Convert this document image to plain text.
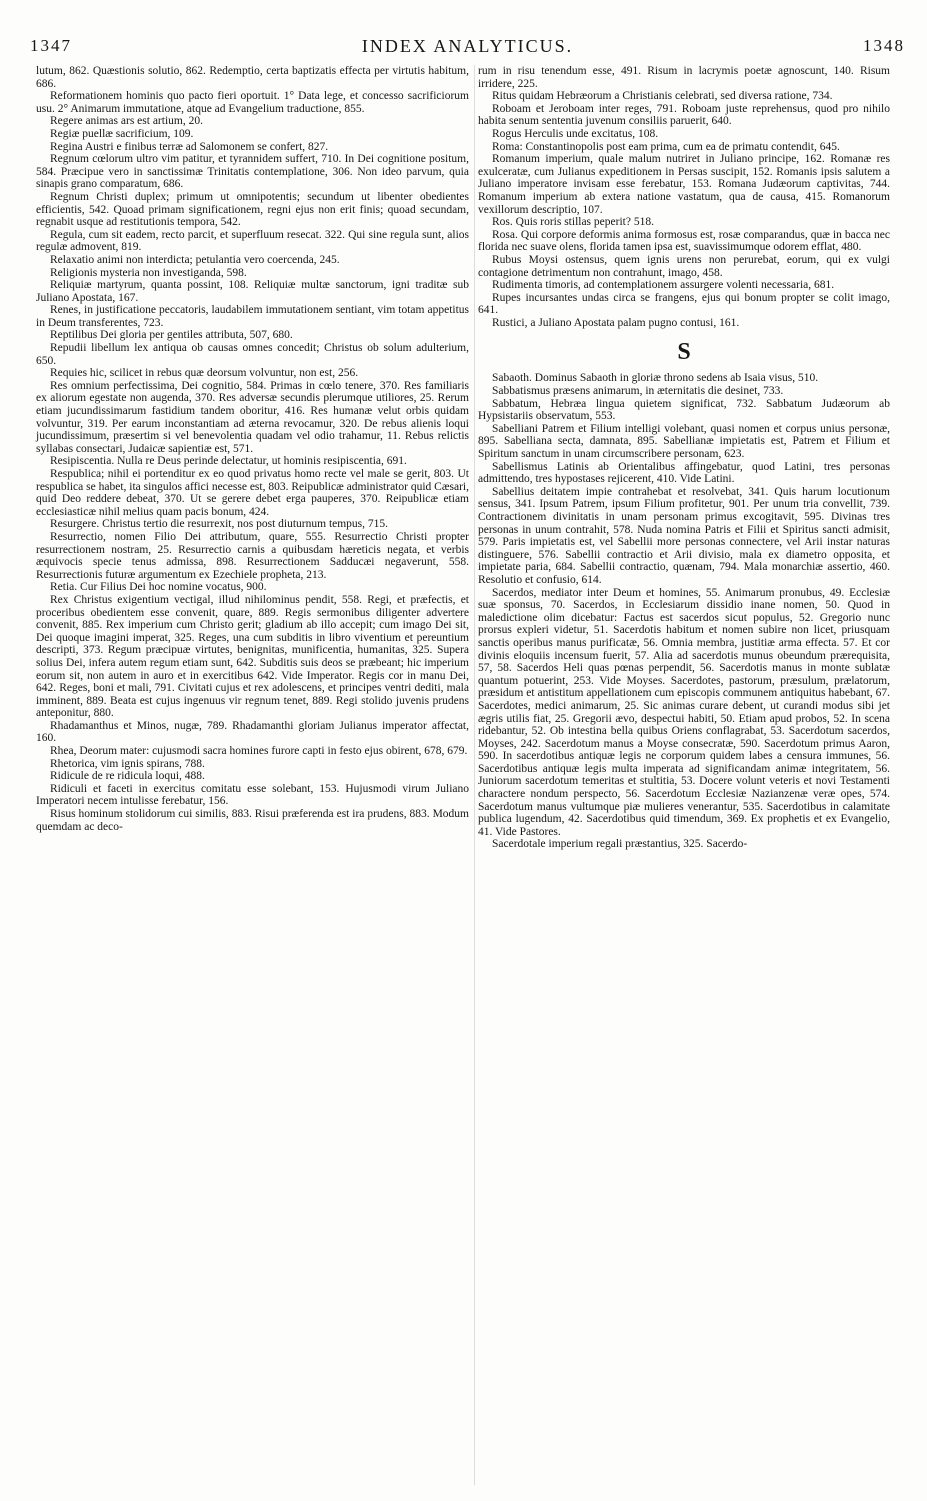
1347	INDEX ANALYTICUS.	1348

lutum, 862. Quæstionis solutio, 862. Redemptio, certa baptizatis effecta per virtutis habitum, 686.

Reformationem hominis quo pacto fieri oportuit. 1° Data lege, et concesso sacrificiorum usu. 2° Animarum immutatione, atque ad Evangelium traductione, 855.

Regere animas ars est artium, 20.

Regiæ puellæ sacrificium, 109.

Regina Austri e finibus terræ ad Salomonem se confert, 827.

Regnum cœlorum ultro vim patitur, et tyrannidem suffert, 710. In Dei cognitione positum, 584. Præcipue vero in sanctissimæ Trinitatis contemplatione, 306. Non ideo parvum, quia sinapis grano comparatum, 686.

Regnum Christi duplex; primum ut omnipotentis; secundum ut libenter obedientes efficientis, 542. Quoad primam significationem, regni ejus non erit finis; quoad secundam, regnabit usque ad restitutionis tempora, 542.

Regula, cum sit eadem, recto parcit, et superfluum resecat. 322. Qui sine regula sunt, alios regulæ admovent, 819.

Relaxatio animi non interdicta; petulantia vero coercenda, 245.

Religionis mysteria non investiganda, 598.

Reliquiæ martyrum, quanta possint, 108. Reliquiæ multæ sanctorum, igni traditæ sub Juliano Apostata, 167.

Renes, in justificatione peccatoris, laudabilem immutationem sentiant, vim totam appetitus in Deum transferentes, 723.

Reptilibus Dei gloria per gentiles attributa, 507, 680.

Repudii libellum lex antiqua ob causas omnes concedit; Christus ob solum adulterium, 650.

Requies hic, scilicet in rebus quæ deorsum volvuntur, non est, 256.

Res omnium perfectissima, Dei cognitio, 584. Primas in cœlo tenere, 370. Res familiaris ex aliorum egestate non augenda, 370. Res adversæ secundis plerumque utiliores, 25. Rerum etiam jucundissimarum fastidium tandem oboritur, 416. Res humanæ velut orbis quidam volvuntur, 319. Per earum inconstantiam ad æterna revocamur, 320. De rebus alienis loqui jucundissimum, præsertim si vel benevolentia quadam vel odio trahamur, 11. Rebus relictis syllabas consectari, Judaicæ sapientiæ est, 571.

Resipiscentia. Nulla re Deus perinde delectatur, ut hominis resipiscentia, 691.

Respublica; nihil ei portenditur ex eo quod privatus homo recte vel male se gerit, 803. Ut respublica se habet, ita singulos affici necesse est, 803. Reipublicæ administrator quid Cæsari, quid Deo reddere debeat, 370. Ut se gerere debet erga pauperes, 370. Reipublicæ etiam ecclesiasticæ nihil melius quam pacis bonum, 424.

Resurgere. Christus tertio die resurrexit, nos post diuturnum tempus, 715.

Resurrectio, nomen Filio Dei attributum, quare, 555. Resurrectio Christi propter resurrectionem nostram, 25. Resurrectio carnis a quibusdam hæreticis negata, et verbis æquivocis specie tenus admissa, 898. Resurrectionem Sadducæi negaverunt, 558. Resurrectionis futuræ argumentum ex Ezechiele propheta, 213.

Retia. Cur Filius Dei hoc nomine vocatus, 900.

Rex Christus exigentium vectigal, illud nihilominus pendit, 558. Regi, et præfectis, et proceribus obedientem esse convenit, quare, 889. Regis sermonibus diligenter advertere convenit, 885. Rex imperium cum Christo gerit; gladium ab illo accepit; cum imago Dei sit, Dei quoque imagini imperat, 325. Reges, una cum subditis in libro viventium et pereuntium descripti, 373. Regum præcipuæ virtutes, benignitas, munificentia, humanitas, 325. Supera solius Dei, infera autem regum etiam sunt, 642. Subditis suis deos se præbeant; hic imperium eorum sit, non autem in auro et in exercitibus 642. Vide Imperator. Regis cor in manu Dei, 642. Reges, boni et mali, 791. Civitati cujus et rex adolescens, et principes ventri dediti, mala imminent, 889. Beata est cujus ingenuus vir regnum tenet, 889. Regi stolido juvenis prudens anteponitur, 880.

Rhadamanthus et Minos, nugæ, 789. Rhadamanthi gloriam Julianus imperator affectat, 160.

Rhea, Deorum mater: cujusmodi sacra homines furore capti in festo ejus obirent, 678, 679.

Rhetorica, vim ignis spirans, 788.

Ridicule de re ridicula loqui, 488.

Ridiculi et faceti in exercitus comitatu esse solebant, 153. Hujusmodi virum Juliano Imperatori necem intulisse ferebatur, 156.

Risus hominum stolidorum cui similis, 883. Risui præferenda est ira prudens, 883. Modum quemdam ac deco-

rum in risu tenendum esse, 491. Risum in lacrymis poetæ agnoscunt, 140. Risum irridere, 225.

Ritus quidam Hebræorum a Christianis celebrati, sed diversa ratione, 734.

Roboam et Jeroboam inter reges, 791. Roboam juste reprehensus, quod pro nihilo habita senum sententia juvenum consiliis paruerit, 640.

Rogus Herculis unde excitatus, 108.

Roma: Constantinopolis post eam prima, cum ea de primatu contendit, 645.

Romanum imperium, quale malum nutriret in Juliano principe, 162. Romanæ res exulceratæ, cum Julianus expeditionem in Persas suscipit, 152. Romanis ipsis salutem a Juliano imperatore invisam esse ferebatur, 153. Romana Judæorum captivitas, 744. Romanum imperium ab extera natione vastatum, qua de causa, 415. Romanorum vexillorum descriptio, 107.

Ros. Quis roris stillas peperit? 518.

Rosa. Qui corpore deformis anima formosus est, rosæ comparandus, quæ in bacca nec florida nec suave olens, florida tamen ipsa est, suavissimumque odorem efflat, 480.

Rubus Moysi ostensus, quem ignis urens non perurebat, eorum, qui ex vulgi contagione detrimentum non contrahunt, imago, 458.

Rudimenta timoris, ad contemplationem assurgere volenti necessaria, 681.

Rupes incursantes undas circa se frangens, ejus qui bonum propter se colit imago, 641.

Rustici, a Juliano Apostata palam pugno contusi, 161.

S

Sabaoth. Dominus Sabaoth in gloriæ throno sedens ab Isaia visus, 510.

Sabbatismus præsens animarum, in æternitatis die desinet, 733.

Sabbatum, Hebræa lingua quietem significat, 732. Sabbatum Judæorum ab Hypsistariis observatum, 553.

Sabelliani Patrem et Filium intelligi volebant, quasi nomen et corpus unius personæ, 895. Sabelliana secta, damnata, 895. Sabellianæ impietatis est, Patrem et Filium et Spiritum sanctum in unam circumscribere personam, 623.

Sabellismus Latinis ab Orientalibus affingebatur, quod Latini, tres personas admittendo, tres hypostases rejicerent, 410. Vide Latini.

Sabellius deitatem impie contrahebat et resolvebat, 341. Quis harum locutionum sensus, 341. Ipsum Patrem, ipsum Filium profitetur, 901. Per unum tria convellit, 739. Contractionem divinitatis in unam personam primus excogitavit, 595. Divinas tres personas in unum contrahit, 578. Nuda nomina Patris et Filii et Spiritus sancti admisit, 579. Paris impietatis est, vel Sabellii more personas connectere, vel Arii instar naturas distinguere, 576. Sabellii contractio et Arii divisio, mala ex diametro opposita, et impietate paria, 684. Sabellii contractio, quænam, 794. Mala monarchiæ assertio, 460. Resolutio et confusio, 614.

Sacerdos, mediator inter Deum et homines, 55. Animarum pronubus, 49. Ecclesiæ suæ sponsus, 70. Sacerdos, in Ecclesiarum dissidio inane nomen, 50. Quod in maledictione olim dicebatur: Factus est sacerdos sicut populus, 52. Gregorio nunc prorsus expleri videtur, 51. Sacerdotis habitum et nomen subire non licet, priusquam sanctis operibus manus purificatæ, 56. Omnia membra, justitiæ arma effecta. 57. Et cor divinis eloquiis incensum fuerit, 57. Alia ad sacerdotis munus obeundum prærequisita, 57, 58. Sacerdos Heli quas pœnas perpendit, 56. Sacerdotis manus in monte sublatæ quantum potuerint, 253. Vide Moyses. Sacerdotes, pastorum, præsulum, prælatorum, præsidum et antistitum appellationem cum episcopis communem antiquitus habebant, 67. Sacerdotes, medici animarum, 25. Sic animas curare debent, ut curandi modus sibi jet ægris utilis fiat, 25. Gregorii ævo, despectui habiti, 50. Etiam apud probos, 52. In scena ridebantur, 52. Ob intestina bella quibus Oriens conflagrabat, 53. Sacerdotum sacerdos, Moyses, 242. Sacerdotum manus a Moyse consecratæ, 590. Sacerdotum primus Aaron, 590. In sacerdotibus antiquæ legis ne corporum quidem labes a censura immunes, 56. Sacerdotibus antiquæ legis multa imperata ad significandam animæ integritatem, 56. Juniorum sacerdotum temeritas et stultitia, 53. Docere volunt veteris et novi Testamenti charactere nondum perspecto, 56. Sacerdotum Ecclesiæ Nazianzenæ veræ opes, 574. Sacerdotum manus vultumque piæ mulieres venerantur, 535. Sacerdotibus in calamitate publica lugendum, 42. Sacerdotibus quid timendum, 369. Ex prophetis et ex Evangelio, 41. Vide Pastores.

Sacerdotale imperium regali præstantius, 325. Sacerdo-
